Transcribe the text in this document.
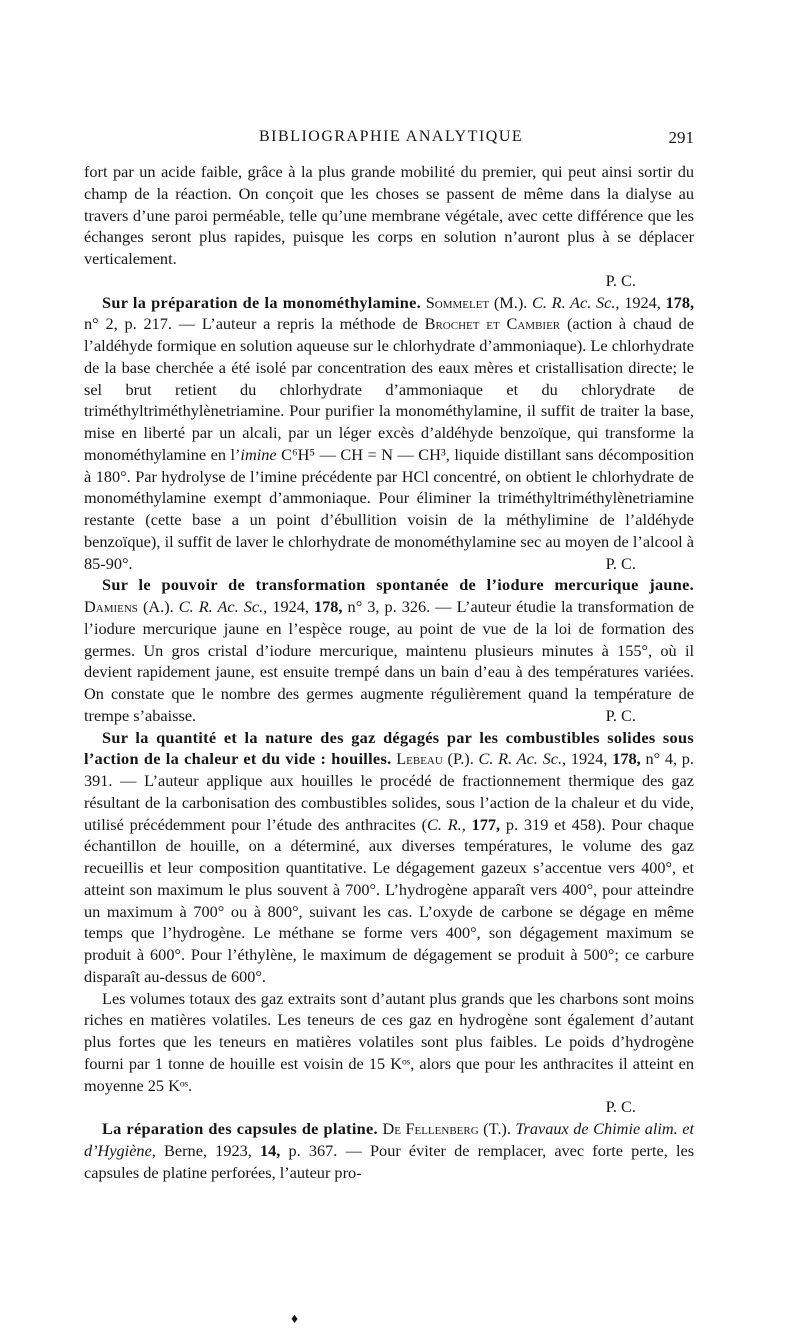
BIBLIOGRAPHIE ANALYTIQUE	291

fort par un acide faible, grâce à la plus grande mobilité du premier, qui peut ainsi sortir du champ de la réaction. On conçoit que les choses se passent de même dans la dialyse au travers d’une paroi perméable, telle qu’une membrane végétale, avec cette différence que les échanges seront plus rapides, puisque les corps en solution n’auront plus à se déplacer verticalement.

P. C.

Sur la préparation de la monométhylamine. Sommelet (M.). C. R. Ac. Sc., 1924, 178, n° 2, p. 217. — L’auteur a repris la méthode de Brochet et Cambier (action à chaud de l’aldéhyde formique en solution aqueuse sur le chlorhydrate d’ammoniaque). Le chlorhydrate de la base cherchée a été isolé par concentration des eaux mères et cristallisation directe; le sel brut retient du chlorhydrate d’ammoniaque et du chlorydrate de triméthyltriméthylènetriamine. Pour purifier la monométhylamine, il suffit de traiter la base, mise en liberté par un alcali, par un léger excès d’aldéhyde benzoïque, qui transforme la monométhylamine en l’imine C⁶H⁵ — CH = N — CH³, liquide distillant sans décomposition à 180°. Par hydrolyse de l’imine précédente par HCl concentré, on obtient le chlorhydrate de monométhylamine exempt d’ammoniaque. Pour éliminer la triméthyltriméthylènetriamine restante (cette base a un point d’ébullition voisin de la méthylimine de l’aldéhyde benzoïque), il suffit de laver le chlorhydrate de monométhylamine sec au moyen de l’alcool à 85-90°.	P. C.

Sur le pouvoir de transformation spontanée de l’iodure mercurique jaune. Damiens (A.). C. R. Ac. Sc., 1924, 178, n° 3, p. 326. — L’auteur étudie la transformation de l’iodure mercurique jaune en l’espèce rouge, au point de vue de la loi de formation des germes. Un gros cristal d’iodure mercurique, maintenu plusieurs minutes à 155°, où il devient rapidement jaune, est ensuite trempé dans un bain d’eau à des températures variées. On constate que le nombre des germes augmente régulièrement quand la température de trempe s’abaisse.	P. C.

Sur la quantité et la nature des gaz dégagés par les combustibles solides sous l’action de la chaleur et du vide : houilles. Lebeau (P.). C. R. Ac. Sc., 1924, 178, n° 4, p. 391. — L’auteur applique aux houilles le procédé de fractionnement thermique des gaz résultant de la carbonisation des combustibles solides, sous l’action de la chaleur et du vide, utilisé précédemment pour l’étude des anthracites (C. R., 177, p. 319 et 458). Pour chaque échantillon de houille, on a déterminé, aux diverses températures, le volume des gaz recueillis et leur composition quantitative. Le dégagement gazeux s’accentue vers 400°, et atteint son maximum le plus souvent à 700°. L’hydrogène apparaît vers 400°, pour atteindre un maximum à 700° ou à 800°, suivant les cas. L’oxyde de carbone se dégage en même temps que l’hydrogène. Le méthane se forme vers 400°, son dégagement maximum se produit à 600°. Pour l’éthylène, le maximum de dégagement se produit à 500°; ce carbure disparaît au-dessus de 600°.

Les volumes totaux des gaz extraits sont d’autant plus grands que les charbons sont moins riches en matières volatiles. Les teneurs de ces gaz en hydrogène sont également d’autant plus fortes que les teneurs en matières volatiles sont plus faibles. Le poids d’hydrogène fourni par 1 tonne de houille est voisin de 15 Kᵒˢ, alors que pour les anthracites il atteint en moyenne 25 Kᵒˢ.

P. C.

La réparation des capsules de platine. De Fellenberg (T.). Travaux de Chimie alim. et d’Hygiène, Berne, 1923, 14, p. 367. — Pour éviter de remplacer, avec forte perte, les capsules de platine perforées, l’auteur pro-

♦
